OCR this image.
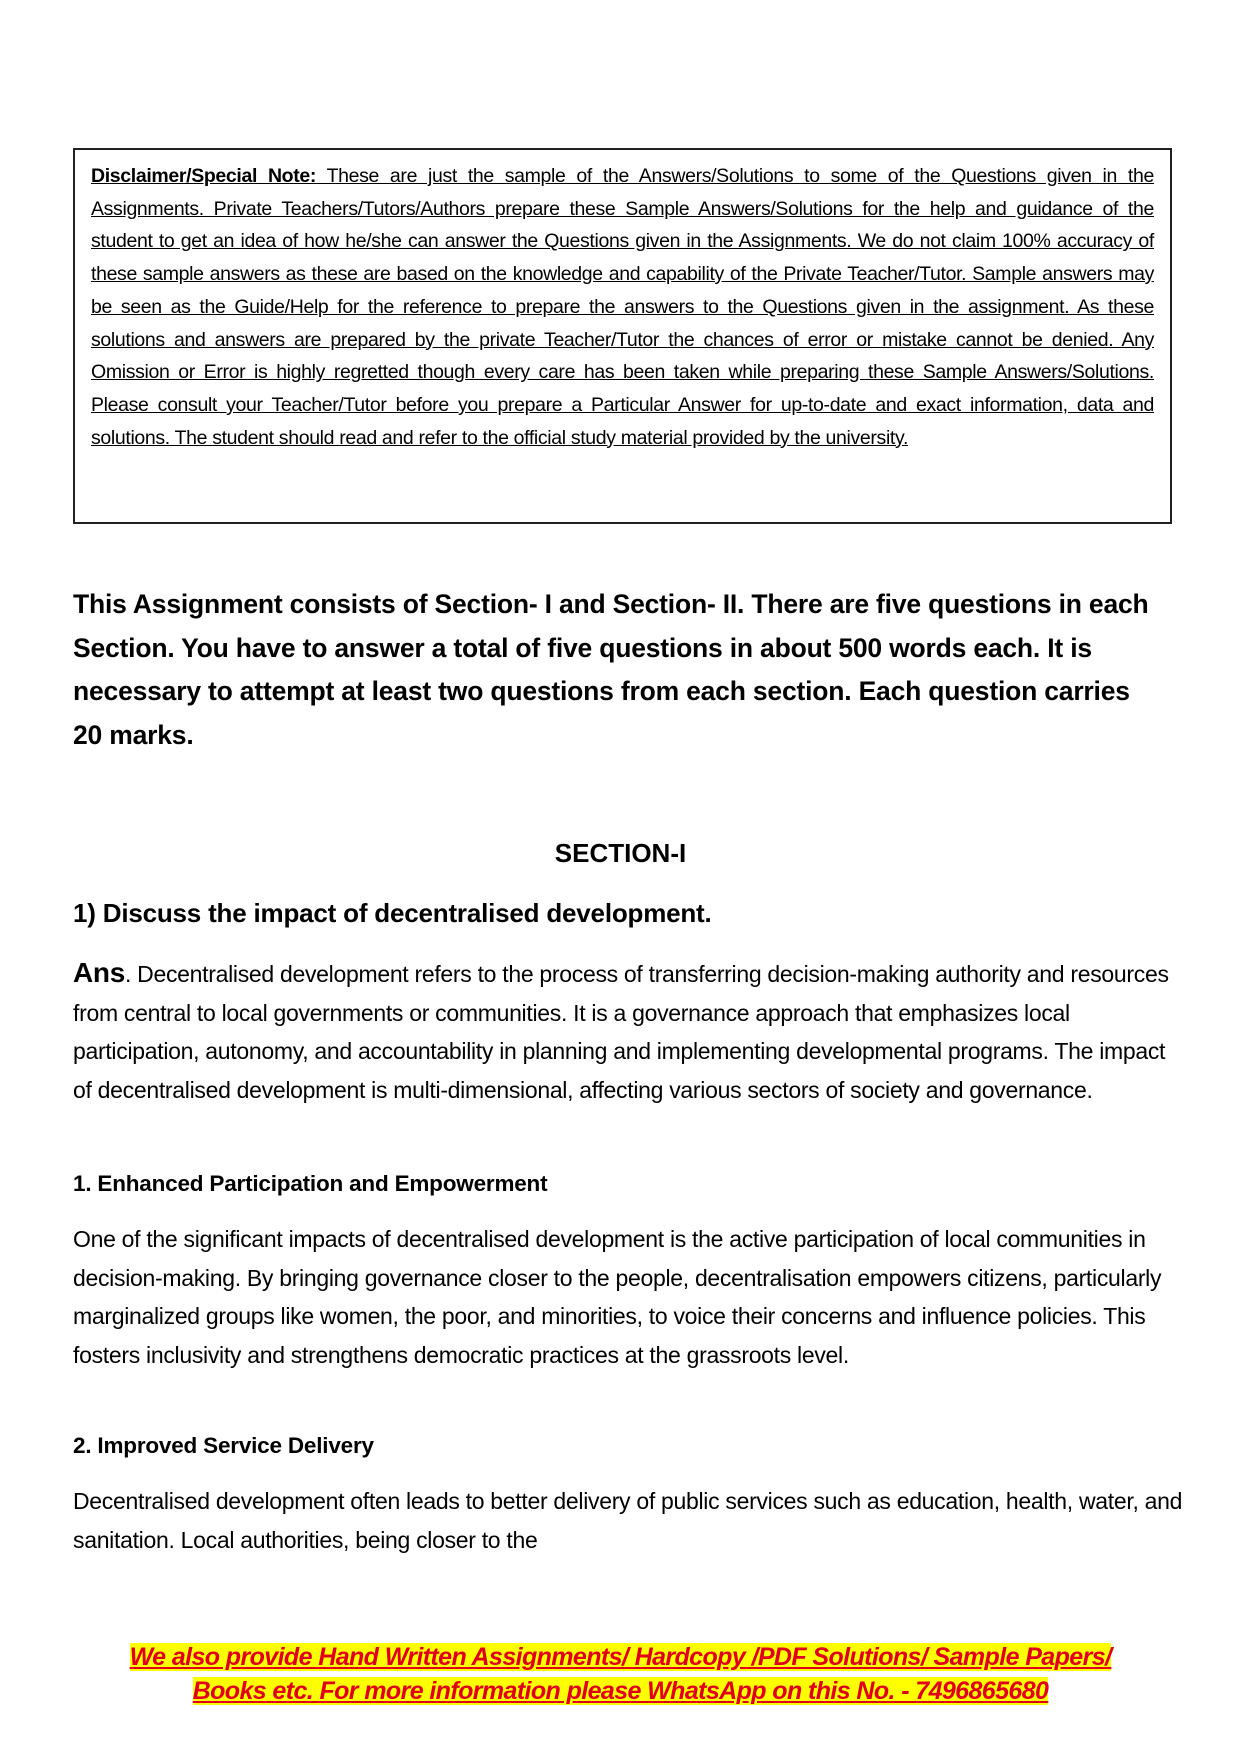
Disclaimer/Special Note: These are just the sample of the Answers/Solutions to some of the Questions given in the Assignments. Private Teachers/Tutors/Authors prepare these Sample Answers/Solutions for the help and guidance of the student to get an idea of how he/she can answer the Questions given in the Assignments. We do not claim 100% accuracy of these sample answers as these are based on the knowledge and capability of the Private Teacher/Tutor. Sample answers may be seen as the Guide/Help for the reference to prepare the answers to the Questions given in the assignment. As these solutions and answers are prepared by the private Teacher/Tutor the chances of error or mistake cannot be denied. Any Omission or Error is highly regretted though every care has been taken while preparing these Sample Answers/Solutions. Please consult your Teacher/Tutor before you prepare a Particular Answer for up-to-date and exact information, data and solutions. The student should read and refer to the official study material provided by the university.

This Assignment consists of Section- I and Section- II. There are five questions in each Section. You have to answer a total of five questions in about 500 words each. It is necessary to attempt at least two questions from each section. Each question carries 20 marks.

SECTION-I
1) Discuss the impact of decentralised development.

Ans. Decentralised development refers to the process of transferring decision-making authority and resources from central to local governments or communities. It is a governance approach that emphasizes local participation, autonomy, and accountability in planning and implementing developmental programs. The impact of decentralised development is multi-dimensional, affecting various sectors of society and governance.

1. Enhanced Participation and Empowerment

One of the significant impacts of decentralised development is the active participation of local communities in decision-making. By bringing governance closer to the people, decentralisation empowers citizens, particularly marginalized groups like women, the poor, and minorities, to voice their concerns and influence policies. This fosters inclusivity and strengthens democratic practices at the grassroots level.

2. Improved Service Delivery

Decentralised development often leads to better delivery of public services such as education, health, water, and sanitation. Local authorities, being closer to the

We also provide Hand Written Assignments/ Hardcopy /PDF Solutions/ Sample Papers/
Books etc. For more information please WhatsApp on this No. - 7496865680
